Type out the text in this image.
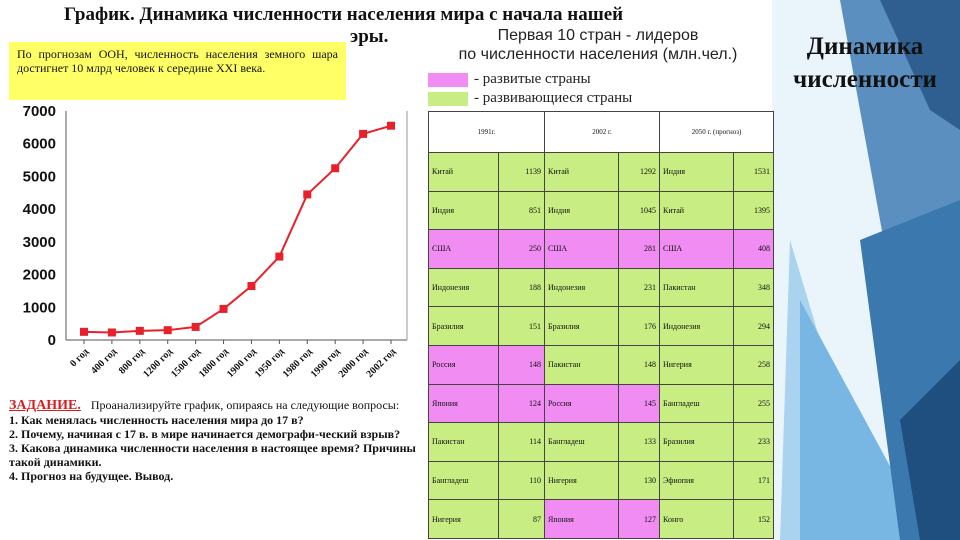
График. Динамика численности населения мира с начала нашей
эры.
По прогнозам ООН, численность населения земного шара достигнет 10 млрд человек к середине XXI века.
0
1000
2000
3000
4000
5000
6000
7000
0 год
400 год
800 год
1200 год
1500 год
1800 год
1900 год
1950 год
1980 год
1990 год
2000 год
2002 год
Первая 10 стран - лидеров
по численности населения (млн.чел.)
- развитые страны
- развивающиеся страны
1991г.		2002 г.		2050 г. (прогноз)	
Китай	1139	Китай	1292	Индия	1531
Индия	851	Индия	1045	Китай	1395
США	250	США	281	США	408
Индонезия	188	Индонезия	231	Пакистан	348
Бразилия	151	Бразилия	176	Индонезия	294
Россия	148	Пакистан	148	Нигерия	258
Япония	124	Россия	145	Бангладеш	255
Пакистан	114	Бангладеш	133	Бразилия	233
Бангладеш	110	Нигерия	130	Эфиопия	171
Нигерия	87	Япония	127	Конго	152
Динамика
численности
ЗАДАНИЕ. Проанализируйте график, опираясь на следующие вопросы:
1. Как менялась численность населения мира до 17 в?
2. Почему, начиная с 17 в. в мире начинается демографи-ческий взрыв?
3. Какова динамика численности населения в настоящее время? Причины такой динамики.
4. Прогноз на будущее. Вывод.
